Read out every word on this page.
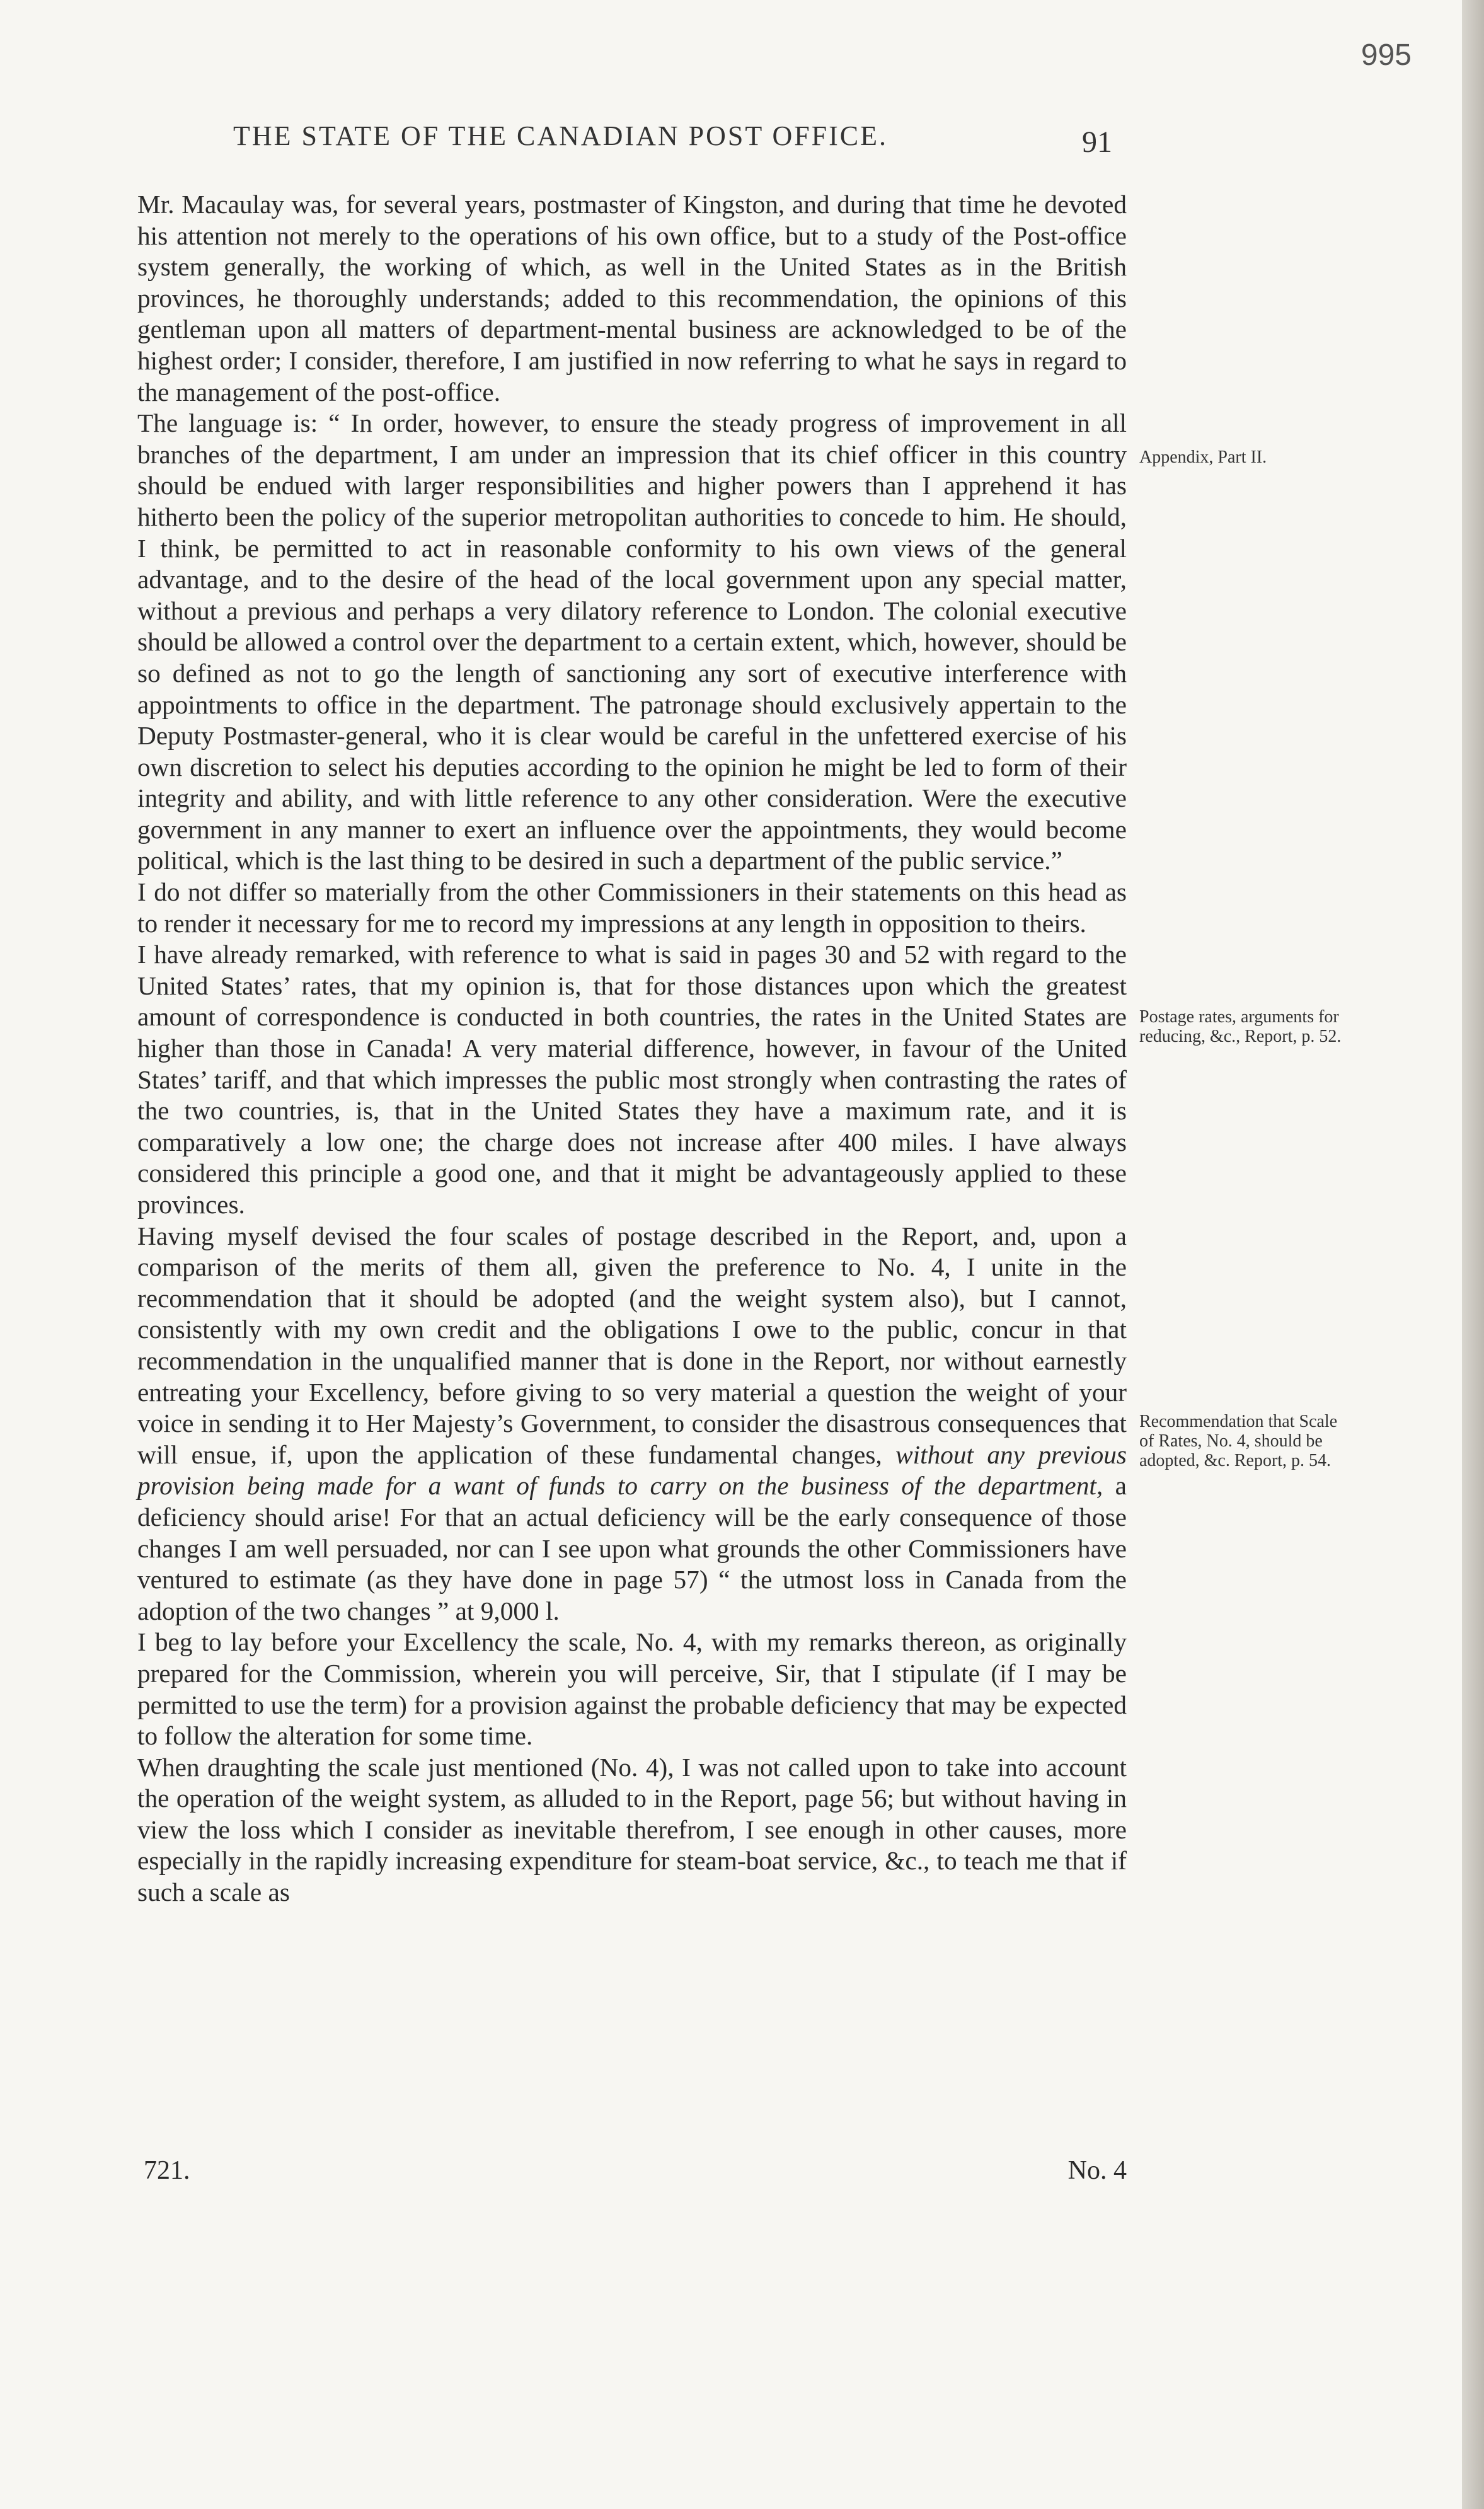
995
THE STATE OF THE CANADIAN POST OFFICE.	91

Mr. Macaulay was, for several years, postmaster of Kingston, and during that time he devoted his attention not merely to the operations of his own office, but to a study of the Post-office system generally, the working of which, as well in the United States as in the British provinces, he thoroughly understands; added to this recommendation, the opinions of this gentleman upon all matters of department-mental business are acknowledged to be of the highest order; I consider, therefore, I am justified in now referring to what he says in regard to the management of the post-office.

The language is: “ In order, however, to ensure the steady progress of improvement in all branches of the department, I am under an impression that its chief officer in this country should be endued with larger responsibilities and higher powers than I apprehend it has hitherto been the policy of the superior metropolitan authorities to concede to him. He should, I think, be permitted to act in reasonable conformity to his own views of the general advantage, and to the desire of the head of the local government upon any special matter, without a previous and perhaps a very dilatory reference to London. The colonial executive should be allowed a control over the department to a certain extent, which, however, should be so defined as not to go the length of sanctioning any sort of executive interference with appointments to office in the department. The patronage should exclusively appertain to the Deputy Postmaster-general, who it is clear would be careful in the unfettered exercise of his own discretion to select his deputies according to the opinion he might be led to form of their integrity and ability, and with little reference to any other consideration. Were the executive government in any manner to exert an influence over the appointments, they would become political, which is the last thing to be desired in such a department of the public service.”

I do not differ so materially from the other Commissioners in their statements on this head as to render it necessary for me to record my impressions at any length in opposition to theirs.

I have already remarked, with reference to what is said in pages 30 and 52 with regard to the United States’ rates, that my opinion is, that for those distances upon which the greatest amount of correspondence is conducted in both countries, the rates in the United States are higher than those in Canada! A very material difference, however, in favour of the United States’ tariff, and that which impresses the public most strongly when contrasting the rates of the two countries, is, that in the United States they have a maximum rate, and it is comparatively a low one; the charge does not increase after 400 miles. I have always considered this principle a good one, and that it might be advantageously applied to these provinces.

Having myself devised the four scales of postage described in the Report, and, upon a comparison of the merits of them all, given the preference to No. 4, I unite in the recommendation that it should be adopted (and the weight system also), but I cannot, consistently with my own credit and the obligations I owe to the public, concur in that recommendation in the unqualified manner that is done in the Report, nor without earnestly entreating your Excellency, before giving to so very material a question the weight of your voice in sending it to Her Majesty’s Government, to consider the disastrous consequences that will ensue, if, upon the application of these fundamental changes, without any previous provision being made for a want of funds to carry on the business of the department, a deficiency should arise! For that an actual deficiency will be the early consequence of those changes I am well persuaded, nor can I see upon what grounds the other Commissioners have ventured to estimate (as they have done in page 57) “ the utmost loss in Canada from the adoption of the two changes ” at 9,000 l.

I beg to lay before your Excellency the scale, No. 4, with my remarks thereon, as originally prepared for the Commission, wherein you will perceive, Sir, that I stipulate (if I may be permitted to use the term) for a provision against the probable deficiency that may be expected to follow the alteration for some time.

When draughting the scale just mentioned (No. 4), I was not called upon to take into account the operation of the weight system, as alluded to in the Report, page 56; but without having in view the loss which I consider as inevitable therefrom, I see enough in other causes, more especially in the rapidly increasing expenditure for steam-boat service, &c., to teach me that if such a scale as

Appendix, Part II.
Postage rates, arguments for reducing, &c., Report, p. 52.
Recommendation that Scale of Rates, No. 4, should be adopted, &c. Report, p. 54.
721.	No. 4
